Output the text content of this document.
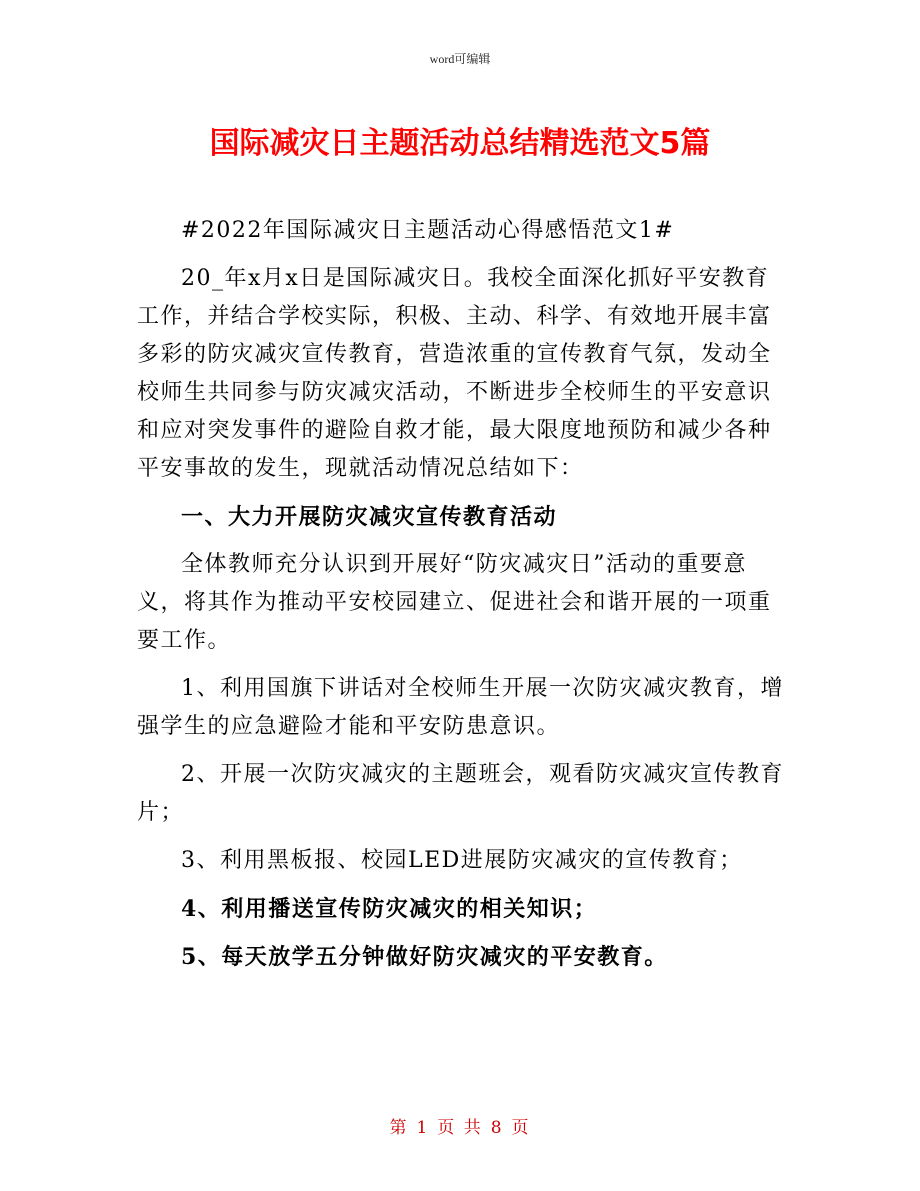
word可编辑
国际减灾日主题活动总结精选范文5篇

#2022年国际减灾日主题活动心得感悟范文1#

20_年x月x日是国际减灾日。我校全面深化抓好平安教育工作，并结合学校实际，积极、主动、科学、有效地开展丰富多彩的防灾减灾宣传教育，营造浓重的宣传教育气氛，发动全校师生共同参与防灾减灾活动，不断进步全校师生的平安意识和应对突发事件的避险自救才能，最大限度地预防和减少各种平安事故的发生，现就活动情况总结如下：

一、大力开展防灾减灾宣传教育活动

全体教师充分认识到开展好“防灾减灾日”活动的重要意义，将其作为推动平安校园建立、促进社会和谐开展的一项重要工作。

1、利用国旗下讲话对全校师生开展一次防灾减灾教育，增强学生的应急避险才能和平安防患意识。

2、开展一次防灾减灾的主题班会，观看防灾减灾宣传教育片；

3、利用黑板报、校园LED进展防灾减灾的宣传教育；

4、利用播送宣传防灾减灾的相关知识；

5、每天放学五分钟做好防灾减灾的平安教育。

第 1 页 共 8 页
